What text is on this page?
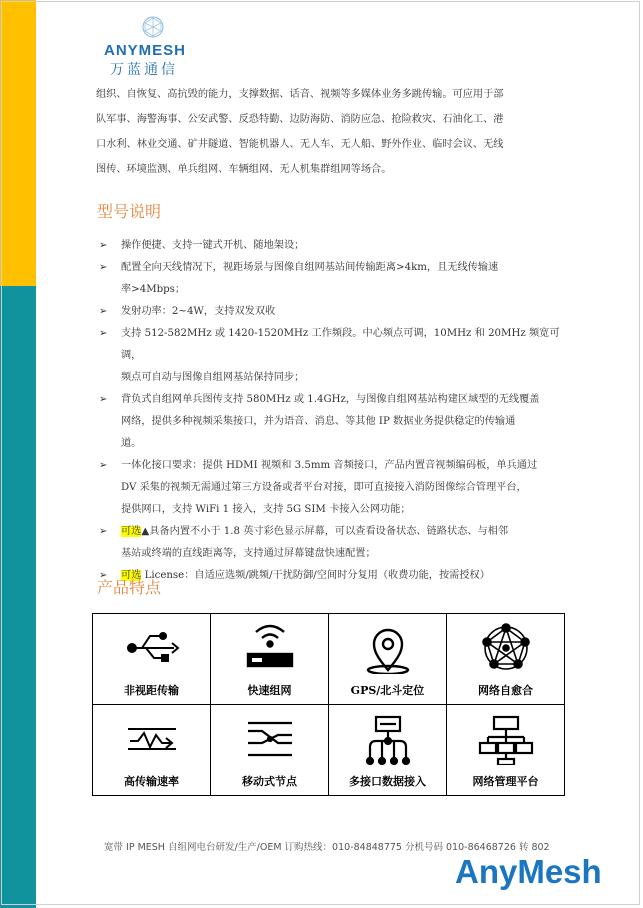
ANYMESH
万蓝通信

组织、自恢复、高抗毁的能力，支撑数据、话音、视频等多媒体业务多跳传输。可应用于部

队军事、海警海事、公安武警、反恐特勤、边防海防、消防应急、抢险救灾、石油化工、港

口水利、林业交通、矿井隧道、智能机器人、无人车、无人船、野外作业、临时会议、无线

图传、环境监测、单兵组网、车辆组网、无人机集群组网等场合。

型号说明
➢ 操作便捷、支持一键式开机、随地架设；
➢ 配置全向天线情况下，视距场景与图像自组网基站间传输距离>4km，且无线传输速
率>4Mbps；
➢ 发射功率：2~4W，支持双发双收
➢ 支持 512-582MHz 或 1420-1520MHz 工作频段。中心频点可调，10MHz 和 20MHz 频宽可调，
频点可自动与图像自组网基站保持同步；
➢ 背负式自组网单兵图传支持 580MHz 或 1.4GHz，与图像自组网基站构建区域型的无线覆盖
网络，提供多种视频采集接口，并为语音、消息、等其他 IP 数据业务提供稳定的传输通
道。
➢ 一体化接口要求：提供 HDMI 视频和 3.5mm 音频接口，产品内置音视频编码板，单兵通过
DV 采集的视频无需通过第三方设备或者平台对接，即可直接接入消防图像综合管理平台，
提供网口，支持 WiFi 1 接入，支持 5G SIM 卡接入公网功能；
➢ 可选▲具备内置不小于 1.8 英寸彩色显示屏幕，可以查看设备状态、链路状态、与相邻
基站或终端的直线距离等，支持通过屏幕键盘快速配置；
➢ 可选 License：自适应选频/跳频/干扰防御/空间时分复用（收费功能，按需授权）
产品特点
非视距传输	快速组网	GPS/北斗定位	网络自愈合

高传输速率	移动式节点	多接口数据接入	网络管理平台
宽带 IP MESH 自组网电台研发/生产/OEM 订购热线：010-84848775 分机号码 010-86468726 转 802
AnyMesh
